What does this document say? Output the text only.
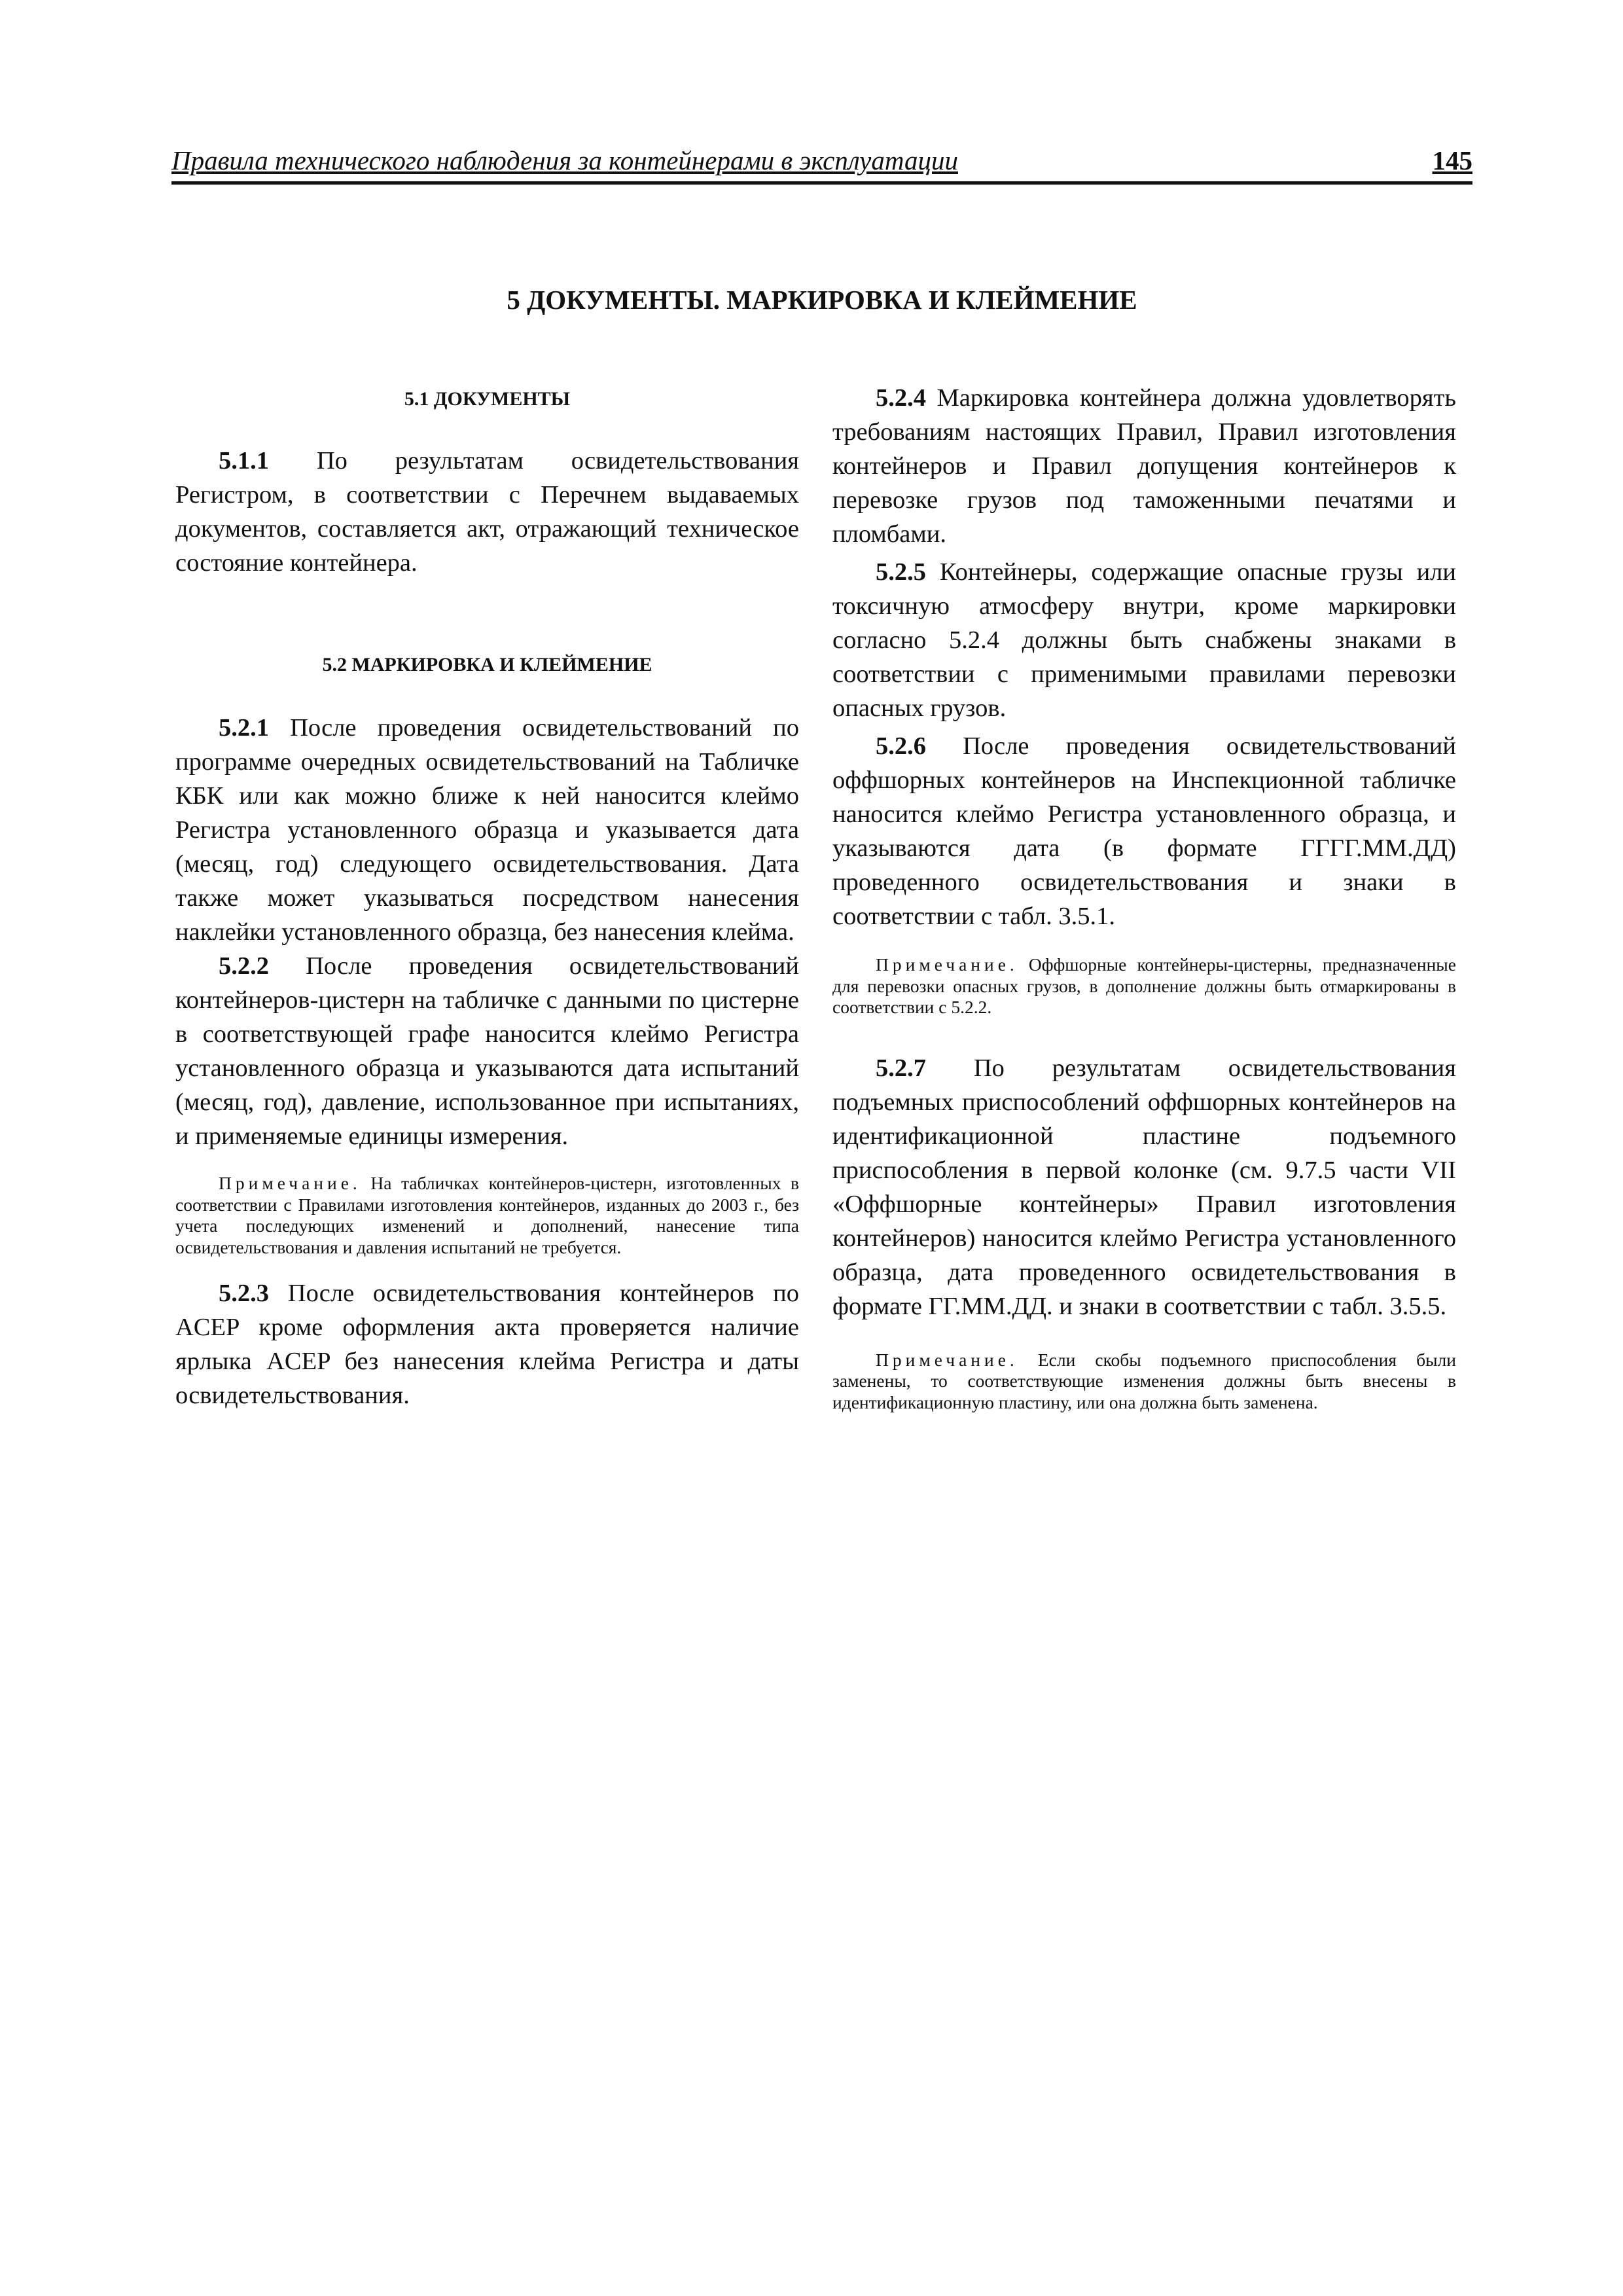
Правила технического наблюдения за контейнерами в эксплуатации	145
5 ДОКУМЕНТЫ. МАРКИРОВКА И КЛЕЙМЕНИЕ

5.1 ДОКУМЕНТЫ

5.1.1 По результатам освидетельствования Регистром, в соответствии с Перечнем выдаваемых документов, составляется акт, отражающий техническое состояние контейнера.

5.2 МАРКИРОВКА И КЛЕЙМЕНИЕ

5.2.1 После проведения освидетельствований по программе очередных освидетельствований на Табличке КБК или как можно ближе к ней наносится клеймо Регистра установленного образца и указывается дата (месяц, год) следующего освидетельствования. Дата также может указываться посредством нанесения наклейки установленного образца, без нанесения клейма.

5.2.2 После проведения освидетельствований контейнеров-цистерн на табличке с данными по цистерне в соответствующей графе наносится клеймо Регистра установленного образца и указываются дата испытаний (месяц, год), давление, использованное при испытаниях, и применяемые единицы измерения.

Примечание. На табличках контейнеров-цистерн, изготовленных в соответствии с Правилами изготовления контейнеров, изданных до 2003 г., без учета последующих изменений и дополнений, нанесение типа освидетельствования и давления испытаний не требуется.

5.2.3 После освидетельствования контейнеров по ACEP кроме оформления акта проверяется наличие ярлыка ACEP без нанесения клейма Регистра и даты освидетельствования.

5.2.4 Маркировка контейнера должна удовлетворять требованиям настоящих Правил, Правил изготовления контейнеров и Правил допущения контейнеров к перевозке грузов под таможенными печатями и пломбами.

5.2.5 Контейнеры, содержащие опасные грузы или токсичную атмосферу внутри, кроме маркировки согласно 5.2.4 должны быть снабжены знаками в соответствии с применимыми правилами перевозки опасных грузов.

5.2.6 После проведения освидетельствований оффшорных контейнеров на Инспекционной табличке наносится клеймо Регистра установленного образца, и указываются дата (в формате ГГГГ.ММ.ДД) проведенного освидетельствования и знаки в соответствии с табл. 3.5.1.

Примечание. Оффшорные контейнеры-цистерны, предназначенные для перевозки опасных грузов, в дополнение должны быть отмаркированы в соответствии с 5.2.2.

5.2.7 По результатам освидетельствования подъемных приспособлений оффшорных контейнеров на идентификационной пластине подъемного приспособления в первой колонке (см. 9.7.5 части VII «Оффшорные контейнеры» Правил изготовления контейнеров) наносится клеймо Регистра установленного образца, дата проведенного освидетельствования в формате ГГ.ММ.ДД. и знаки в соответствии с табл. 3.5.5.

Примечание. Если скобы подъемного приспособления были заменены, то соответствующие изменения должны быть внесены в идентификационную пластину, или она должна быть заменена.
